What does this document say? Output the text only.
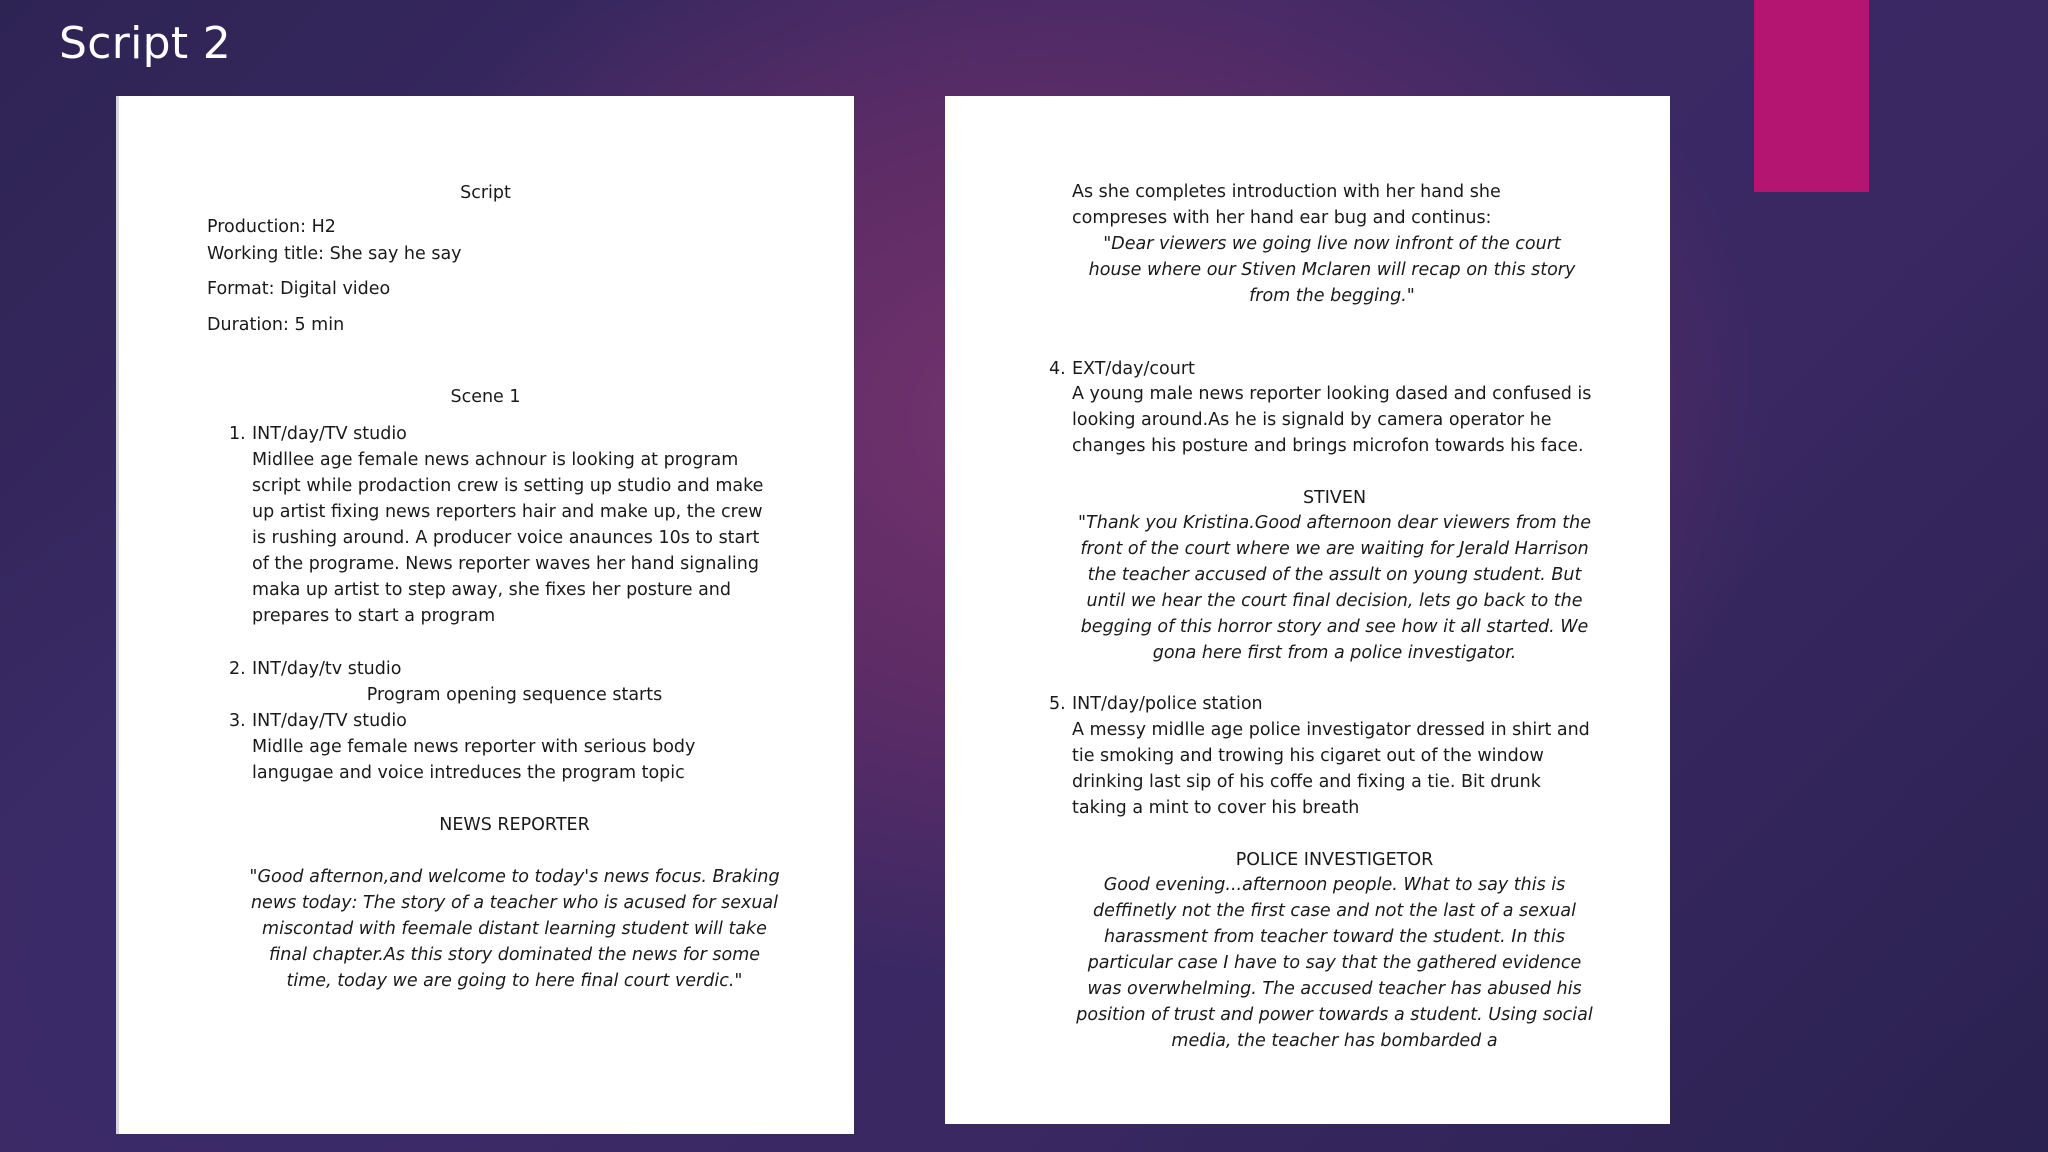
Script 2
Script
Production: H2
Working title: She say he say
Format: Digital video
Duration: 5 min
Scene 1
1. INT/day/TV studio
Midllee age female news achnour is looking at program script while prodaction crew is setting up studio and make up artist fixing news reporters hair and make up, the crew is rushing around. A producer voice anaunces 10s to start of the programe. News reporter waves her hand signaling maka up artist to step away, she fixes her posture and prepares to start a program
2. INT/day/tv studio
Program opening sequence starts
3. INT/day/TV studio
Midlle age female news reporter with serious body langugae and voice intreduces the program topic
NEWS REPORTER
"Good afternon,and welcome to today's news focus. Braking news today: The story of a teacher who is acused for sexual miscontad with feemale distant learning student will take final chapter.As this story dominated the news for some time, today we are going to here final court verdic."
As she completes introduction with her hand she compreses with her hand ear bug and continus:
"Dear viewers we going live now infront of the court house where our Stiven Mclaren will recap on this story from the begging."
4. EXT/day/court
A young male news reporter looking dased and confused is looking around.As he is signald by camera operator he changes his posture and brings microfon towards his face.
STIVEN
"Thank you Kristina.Good afternoon dear viewers from the front of the court where we are waiting for Jerald Harrison the teacher accused of the assult on young student. But until we hear the court final decision, lets go back to the begging of this horror story and see how it all started. We gona here first from a police investigator.
5. INT/day/police station
A messy midlle age police investigator dressed in shirt and tie smoking and trowing his cigaret out of the window drinking last sip of his coffe and fixing a tie. Bit drunk taking a mint to cover his breath
POLICE INVESTIGETOR
Good evening...afternoon people. What to say this is deffinetly not the first case and not the last of a sexual harassment from teacher toward the student. In this particular case I have to say that the gathered evidence was overwhelming. The accused teacher has abused his position of trust and power towards a student. Using social media, the teacher has bombarded a
